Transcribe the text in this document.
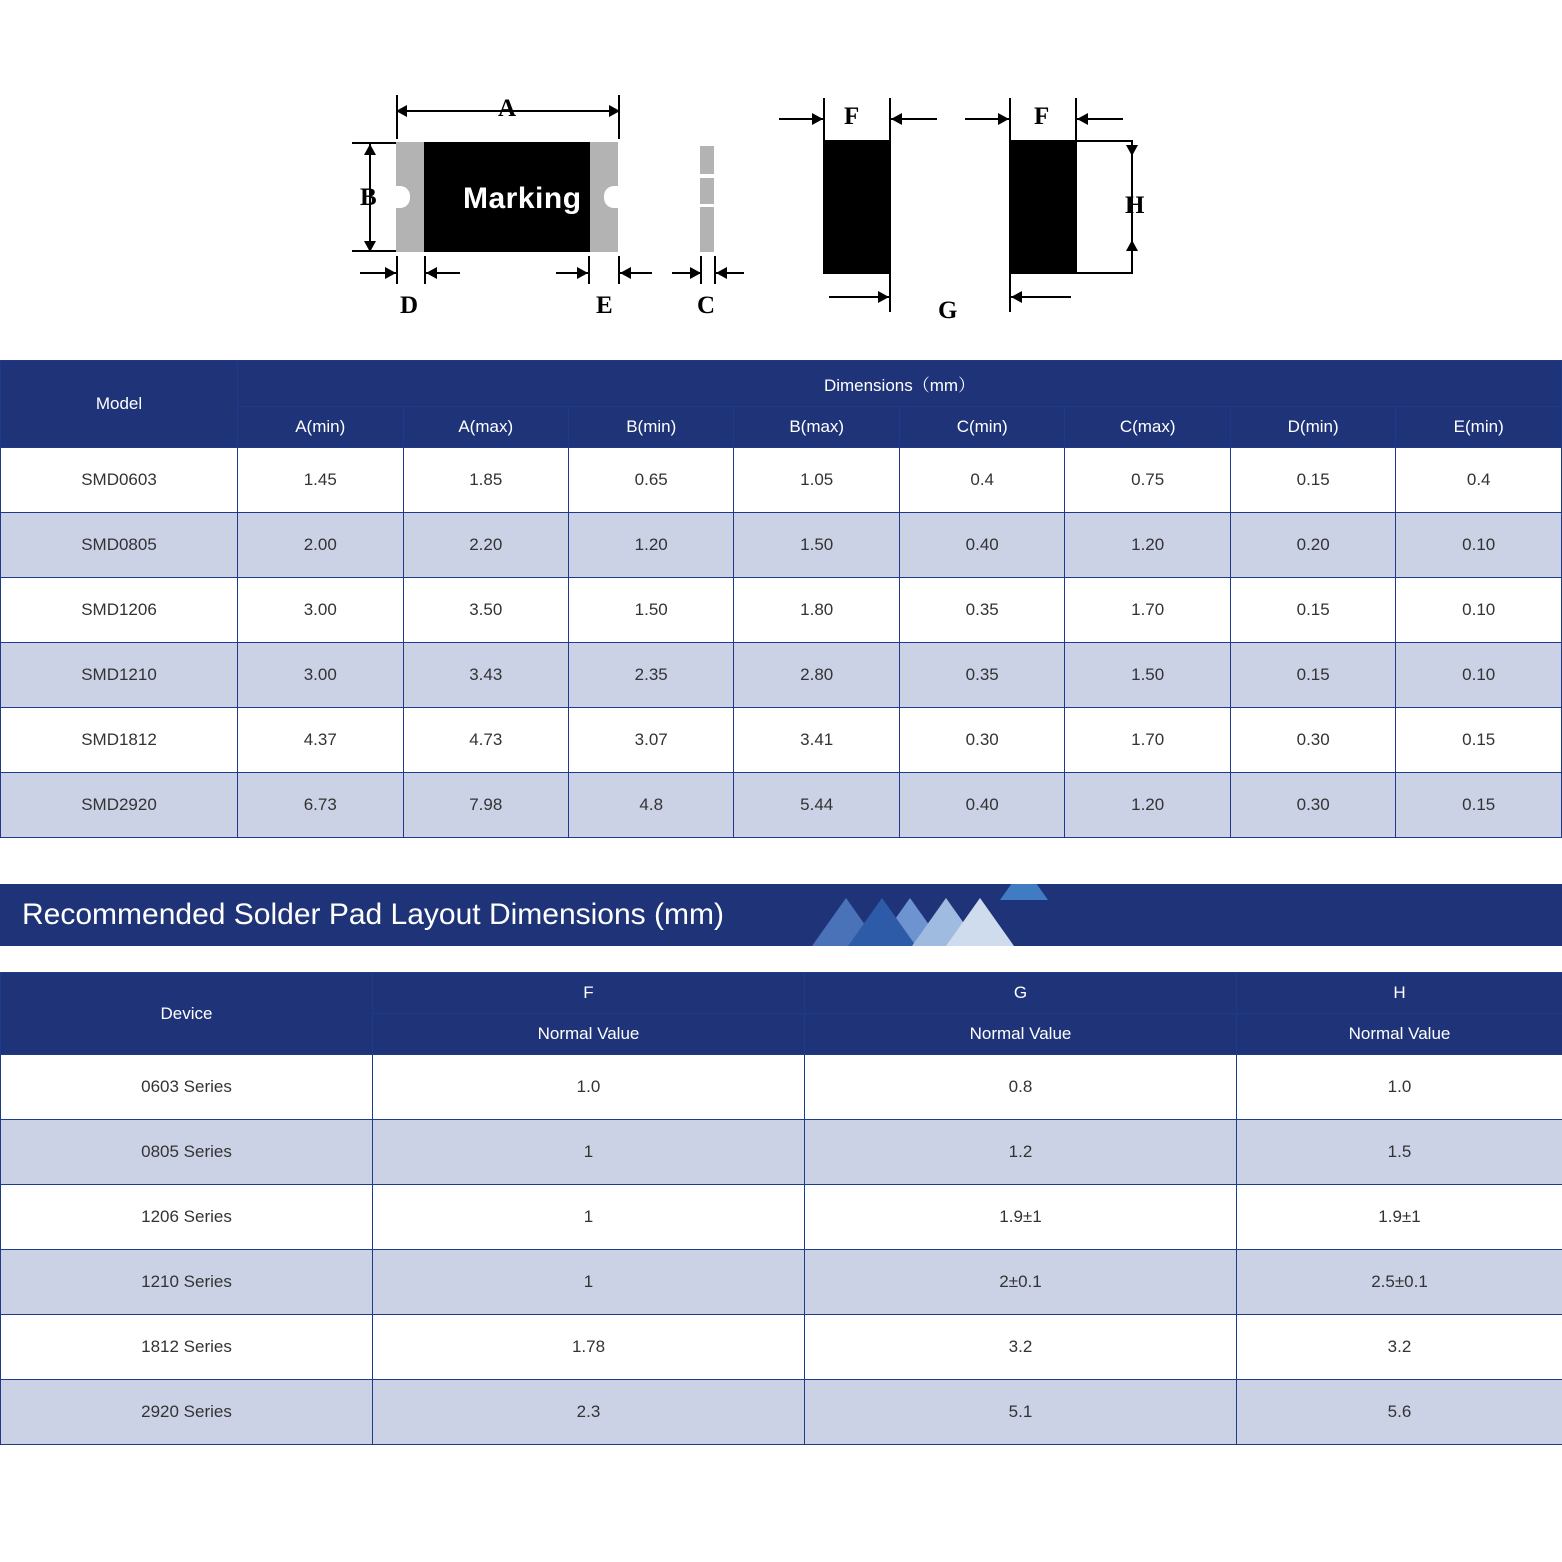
Marking
A
B
D	E	C
F	F
H
G
Model	Dimensions（mm）							
	A(min)	A(max)	B(min)	B(max)	C(min)	C(max)	D(min)	E(min)
SMD0603	1.45	1.85	0.65	1.05	0.4	0.75	0.15	0.4
SMD0805	2.00	2.20	1.20	1.50	0.40	1.20	0.20	0.10
SMD1206	3.00	3.50	1.50	1.80	0.35	1.70	0.15	0.10
SMD1210	3.00	3.43	2.35	2.80	0.35	1.50	0.15	0.10
SMD1812	4.37	4.73	3.07	3.41	0.30	1.70	0.30	0.15
SMD2920	6.73	7.98	4.8	5.44	0.40	1.20	0.30	0.15
Recommended Solder Pad Layout Dimensions (mm)
Device	F	G	H
	Normal Value	Normal Value	Normal Value
0603 Series	1.0	0.8	1.0
0805 Series	1	1.2	1.5
1206 Series	1	1.9±1	1.9±1
1210 Series	1	2±0.1	2.5±0.1
1812 Series	1.78	3.2	3.2
2920 Series	2.3	5.1	5.6
